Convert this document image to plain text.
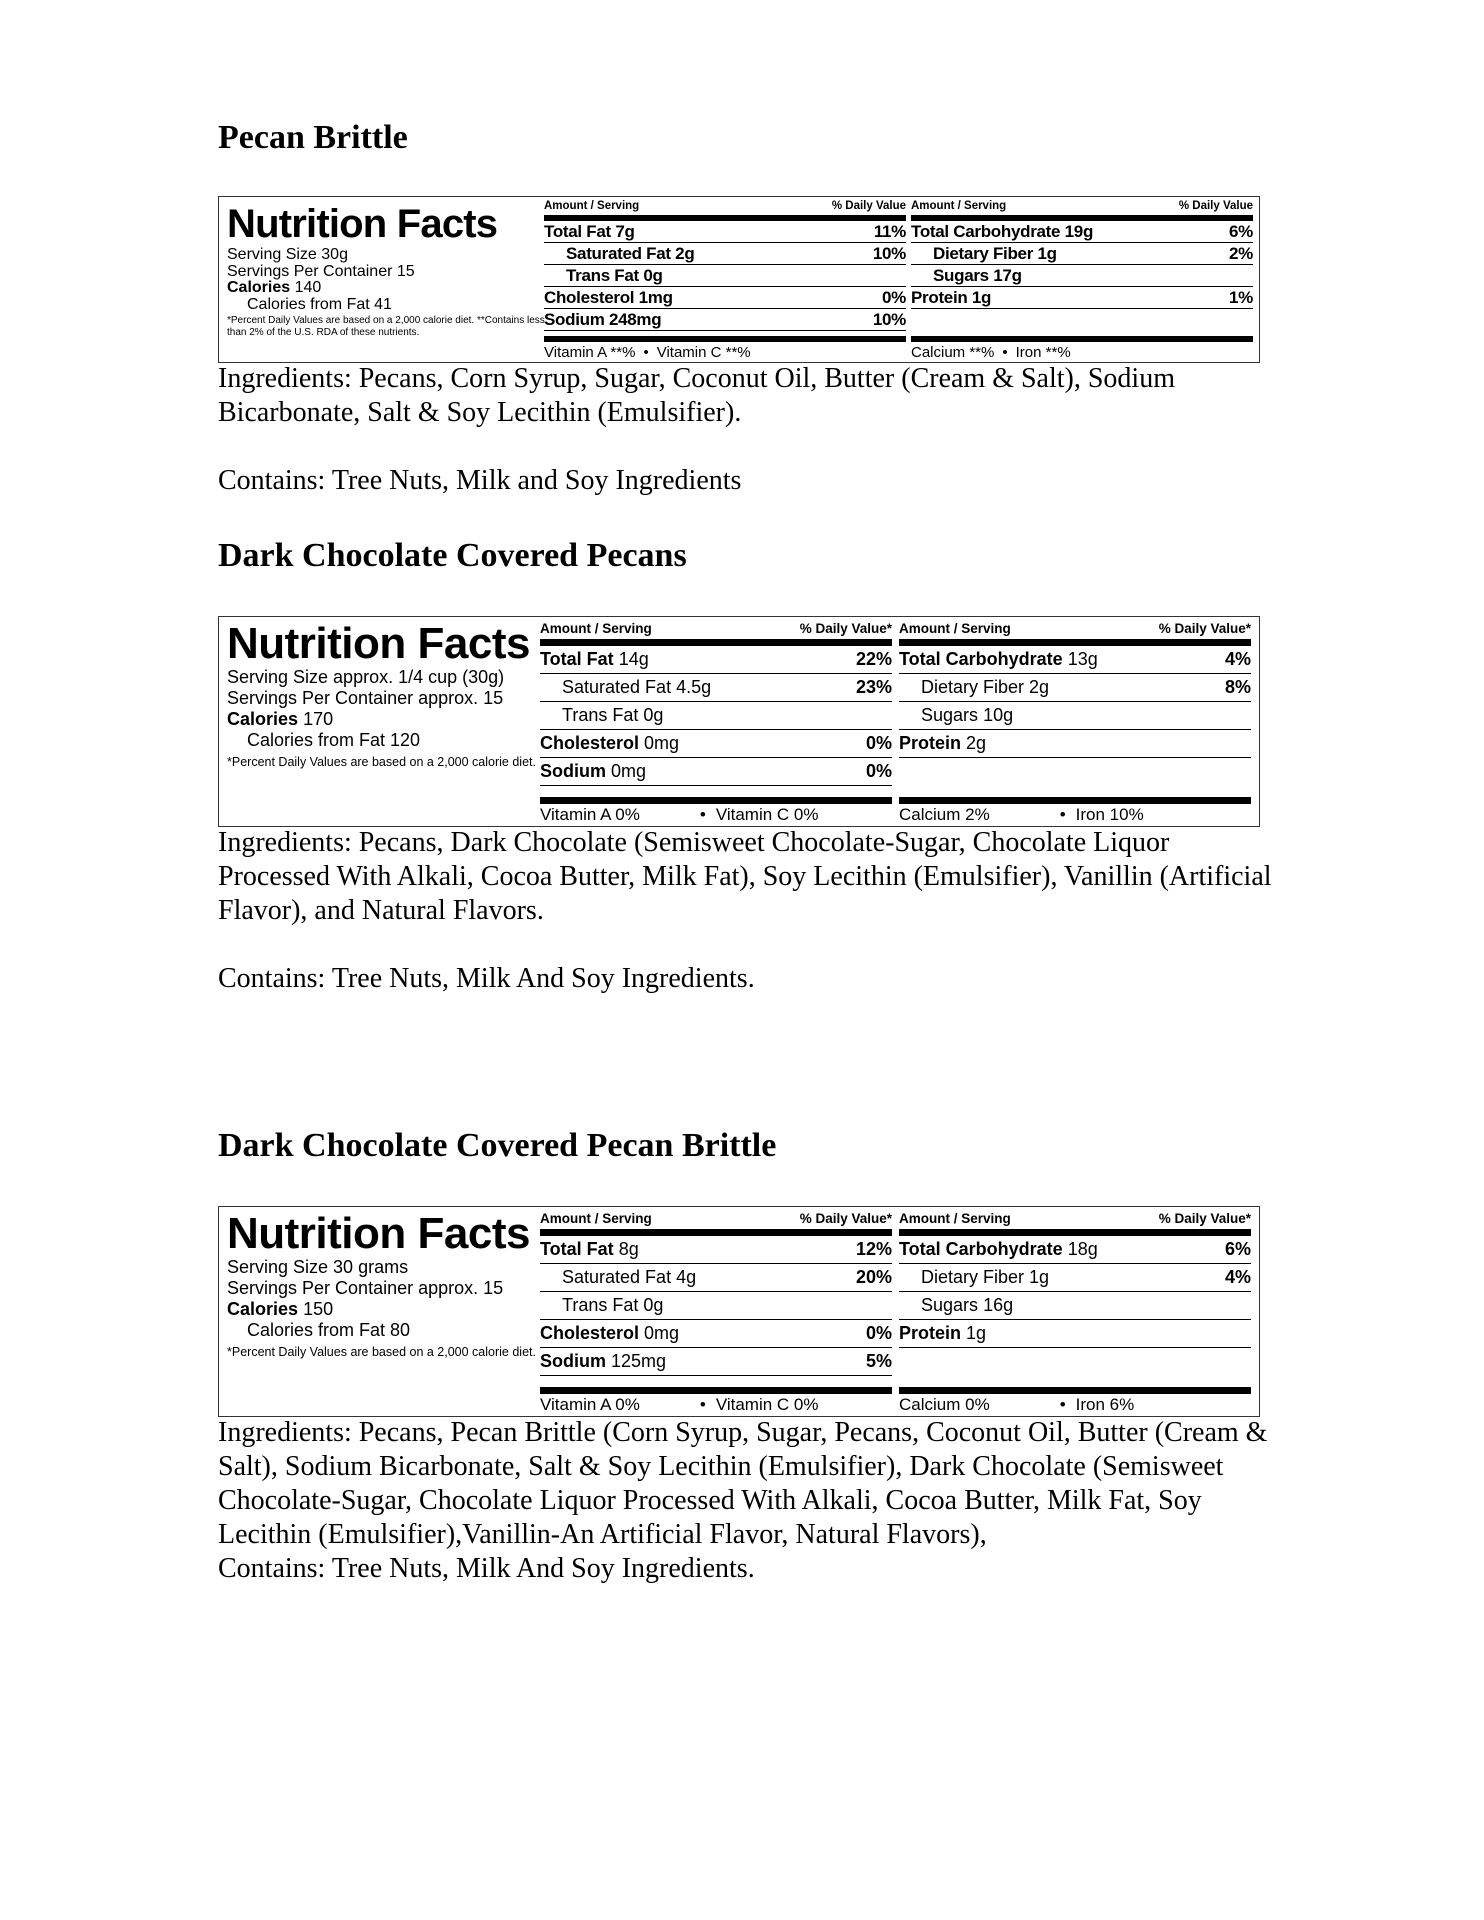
Pecan Brittle
Nutrition Facts
Serving Size 30g
Servings Per Container 15
Calories 140
Calories from Fat 41
*Percent Daily Values are based on a 2,000 calorie diet. **Contains less than 2% of the U.S. RDA of these nutrients.
Amount / Serving	% Daily Value
Total Fat 7g	11%
Saturated Fat 2g	10%
Trans Fat 0g
Cholesterol 1mg	0%
Sodium 248mg	10%
Vitamin A **% • Vitamin C **%
Amount / Serving	% Daily Value
Total Carbohydrate 19g	6%
Dietary Fiber 1g	2%
Sugars 17g
Protein 1g	1%
Calcium **% • Iron **%

Ingredients: Pecans, Corn Syrup, Sugar, Coconut Oil, Butter (Cream & Salt), Sodium Bicarbonate, Salt & Soy Lecithin (Emulsifier).

Contains: Tree Nuts, Milk and Soy Ingredients

Dark Chocolate Covered Pecans
Nutrition Facts
Serving Size approx. 1/4 cup (30g)
Servings Per Container approx. 15
Calories 170
Calories from Fat 120
*Percent Daily Values are based on a 2,000 calorie diet.
Amount / Serving	% Daily Value*
Total Fat 14g	22%
Saturated Fat 4.5g	23%
Trans Fat 0g
Cholesterol 0mg	0%
Sodium 0mg	0%
Vitamin A 0%	• Vitamin C 0%
Amount / Serving	% Daily Value*
Total Carbohydrate 13g	4%
Dietary Fiber 2g	8%
Sugars 10g
Protein 2g
Calcium 2%	• Iron 10%

Ingredients: Pecans, Dark Chocolate (Semisweet Chocolate-Sugar, Chocolate Liquor Processed With Alkali, Cocoa Butter, Milk Fat), Soy Lecithin (Emulsifier), Vanillin (Artificial Flavor), and Natural Flavors.

Contains: Tree Nuts, Milk And Soy Ingredients.

Dark Chocolate Covered Pecan Brittle
Nutrition Facts
Serving Size 30 grams
Servings Per Container approx. 15
Calories 150
Calories from Fat 80
*Percent Daily Values are based on a 2,000 calorie diet.
Amount / Serving	% Daily Value*
Total Fat 8g	12%
Saturated Fat 4g	20%
Trans Fat 0g
Cholesterol 0mg	0%
Sodium 125mg	5%
Vitamin A 0%	• Vitamin C 0%
Amount / Serving	% Daily Value*
Total Carbohydrate 18g	6%
Dietary Fiber 1g	4%
Sugars 16g
Protein 1g
Calcium 0%	• Iron 6%

Ingredients: Pecans, Pecan Brittle (Corn Syrup, Sugar, Pecans, Coconut Oil, Butter (Cream & Salt), Sodium Bicarbonate, Salt & Soy Lecithin (Emulsifier), Dark Chocolate (Semisweet Chocolate-Sugar, Chocolate Liquor Processed With Alkali, Cocoa Butter, Milk Fat, Soy Lecithin (Emulsifier),Vanillin-An Artificial Flavor, Natural Flavors),

Contains: Tree Nuts, Milk And Soy Ingredients.
